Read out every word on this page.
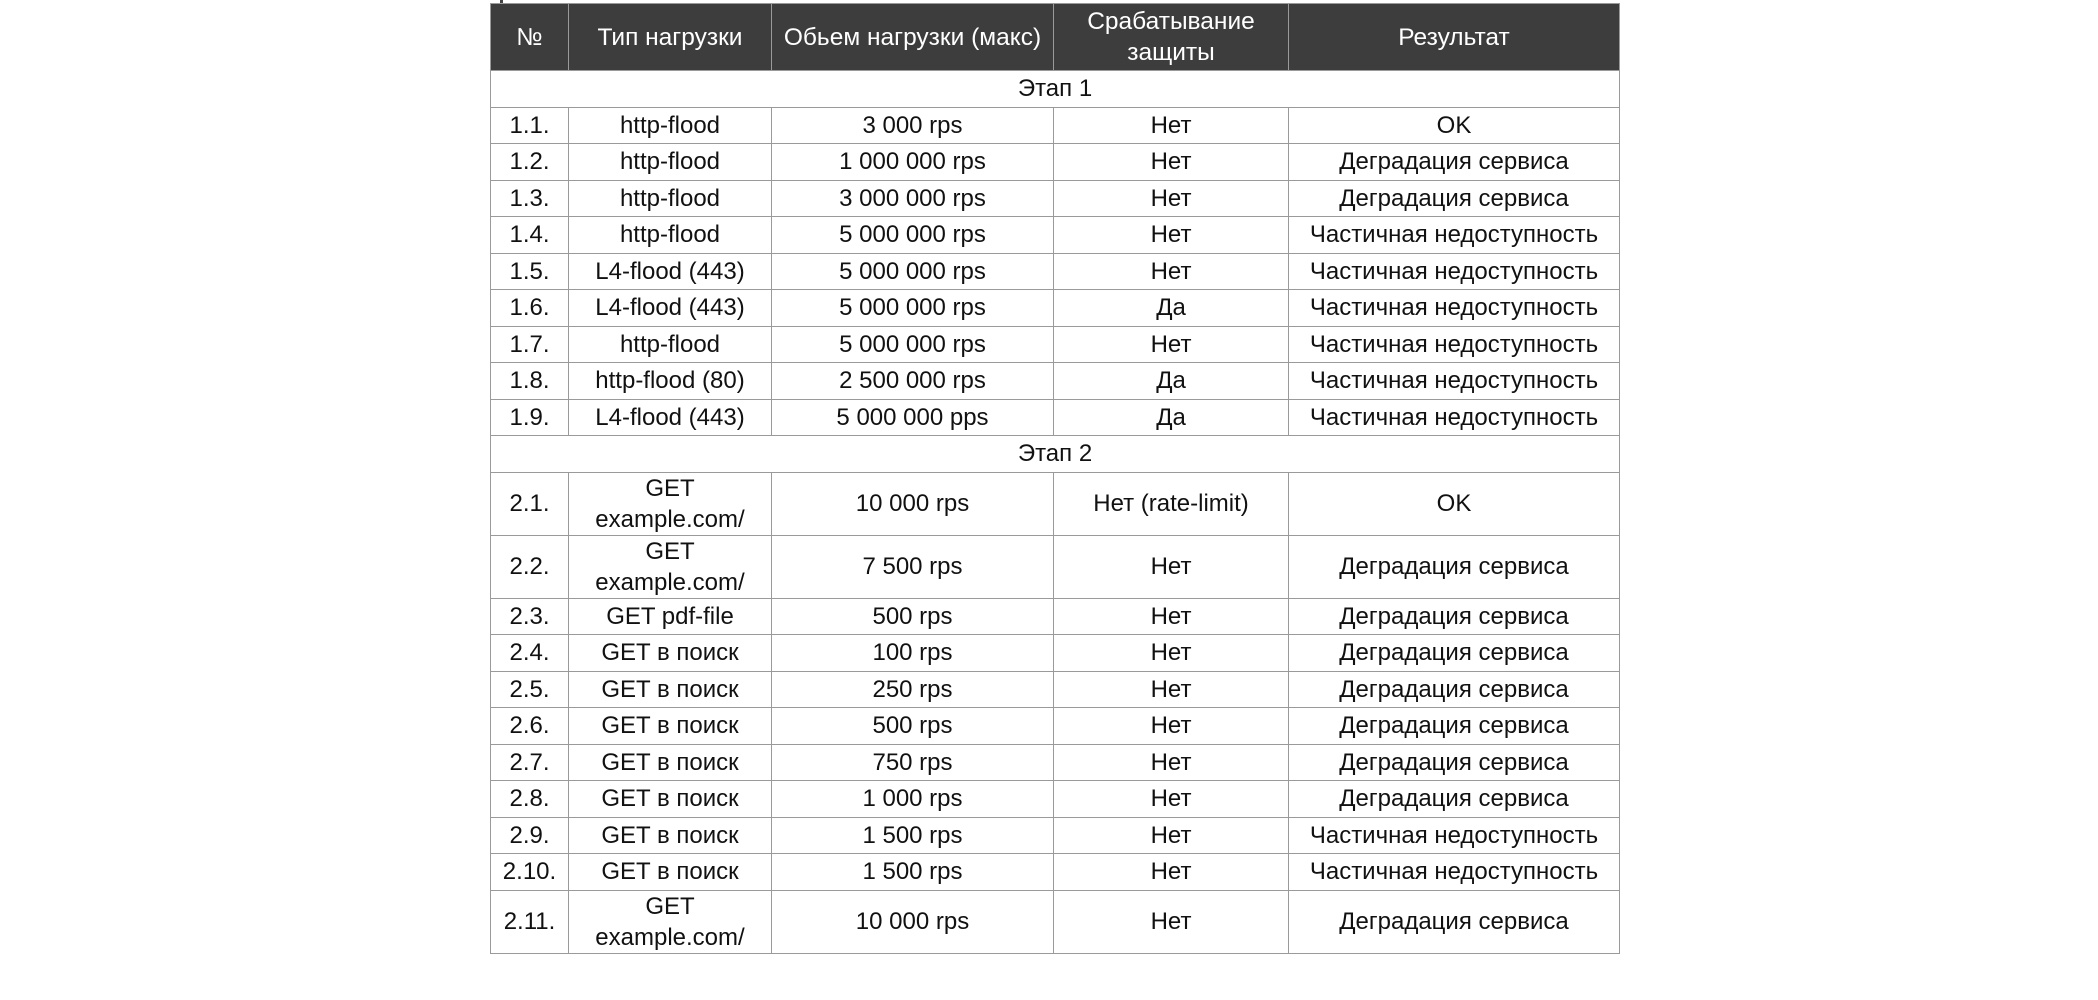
№	Тип нагрузки	Обьем нагрузки (макс)	Срабатывание защиты	Результат
Этап 1				
1.1.	http-flood	3 000 rps	Нет	OK
1.2.	http-flood	1 000 000 rps	Нет	Деградация сервиса
1.3.	http-flood	3 000 000 rps	Нет	Деградация сервиса
1.4.	http-flood	5 000 000 rps	Нет	Частичная недоступность
1.5.	L4-flood (443)	5 000 000 rps	Нет	Частичная недоступность
1.6.	L4-flood (443)	5 000 000 rps	Да	Частичная недоступность
1.7.	http-flood	5 000 000 rps	Нет	Частичная недоступность
1.8.	http-flood (80)	2 500 000 rps	Да	Частичная недоступность
1.9.	L4-flood (443)	5 000 000 pps	Да	Частичная недоступность
Этап 2				
2.1.	GET example.com/	10 000 rps	Нет (rate-limit)	OK
2.2.	GET example.com/	7 500 rps	Нет	Деградация сервиса
2.3.	GET pdf-file	500 rps	Нет	Деградация сервиса
2.4.	GET в поиск	100 rps	Нет	Деградация сервиса
2.5.	GET в поиск	250 rps	Нет	Деградация сервиса
2.6.	GET в поиск	500 rps	Нет	Деградация сервиса
2.7.	GET в поиск	750 rps	Нет	Деградация сервиса
2.8.	GET в поиск	1 000 rps	Нет	Деградация сервиса
2.9.	GET в поиск	1 500 rps	Нет	Частичная недоступность
2.10.	GET в поиск	1 500 rps	Нет	Частичная недоступность
2.11.	GET example.com/	10 000 rps	Нет	Деградация сервиса
